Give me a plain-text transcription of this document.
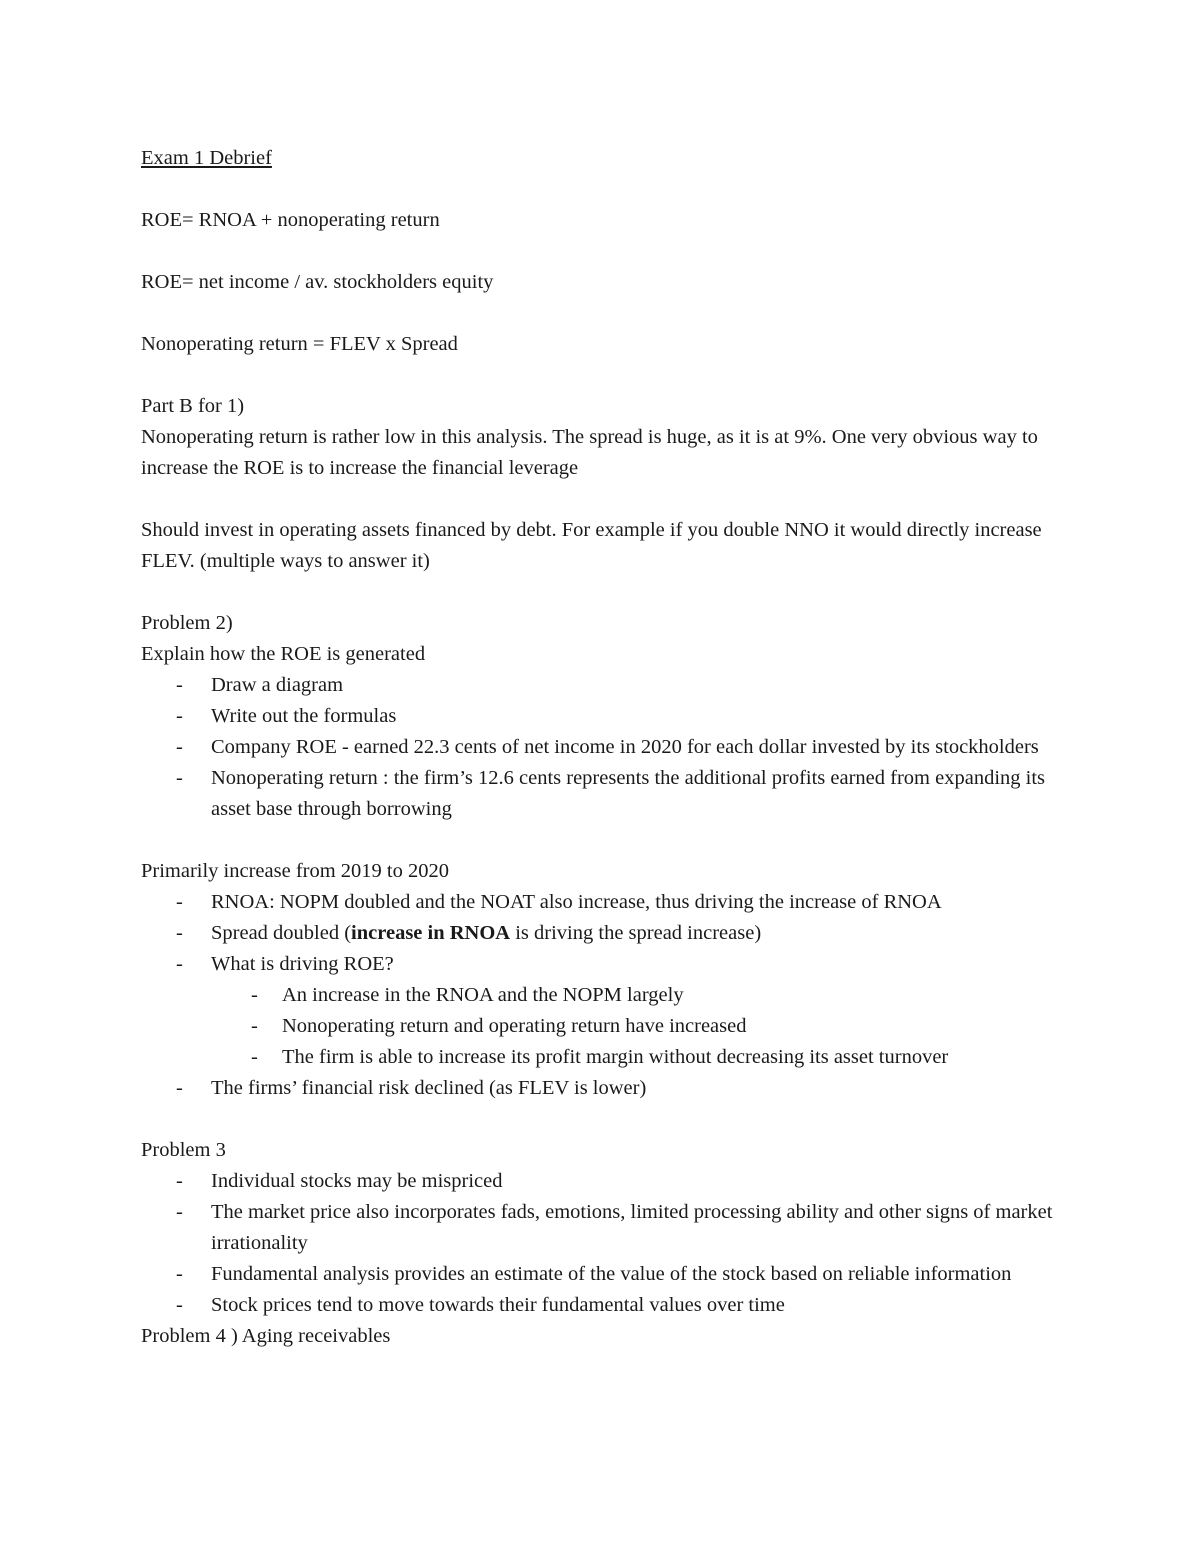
Exam 1 Debrief

ROE= RNOA + nonoperating return

ROE= net income / av. stockholders equity

Nonoperating return = FLEV x Spread

Part B for 1)

Nonoperating return is rather low in this analysis. The spread is huge, as it is at 9%. One very obvious way to increase the ROE is to increase the financial leverage

Should invest in operating assets financed by debt. For example if you double NNO it would directly increase FLEV. (multiple ways to answer it)

Problem 2)

Explain how the ROE is generated

- Draw a diagram
- Write out the formulas
- Company ROE - earned 22.3 cents of net income in 2020 for each dollar invested by its stockholders
- Nonoperating return : the firm’s 12.6 cents represents the additional profits earned from expanding its asset base through borrowing

Primarily increase from 2019 to 2020

- RNOA: NOPM doubled and the NOAT also increase, thus driving the increase of RNOA
- Spread doubled (increase in RNOA is driving the spread increase)
- What is driving ROE?
- An increase in the RNOA and the NOPM largely
- Nonoperating return and operating return have increased
- The firm is able to increase its profit margin without decreasing its asset turnover
- The firms’ financial risk declined (as FLEV is lower)

Problem 3

- Individual stocks may be mispriced
- The market price also incorporates fads, emotions, limited processing ability and other signs of market irrationality
- Fundamental analysis provides an estimate of the value of the stock based on reliable information
- Stock prices tend to move towards their fundamental values over time

Problem 4 ) Aging receivables
